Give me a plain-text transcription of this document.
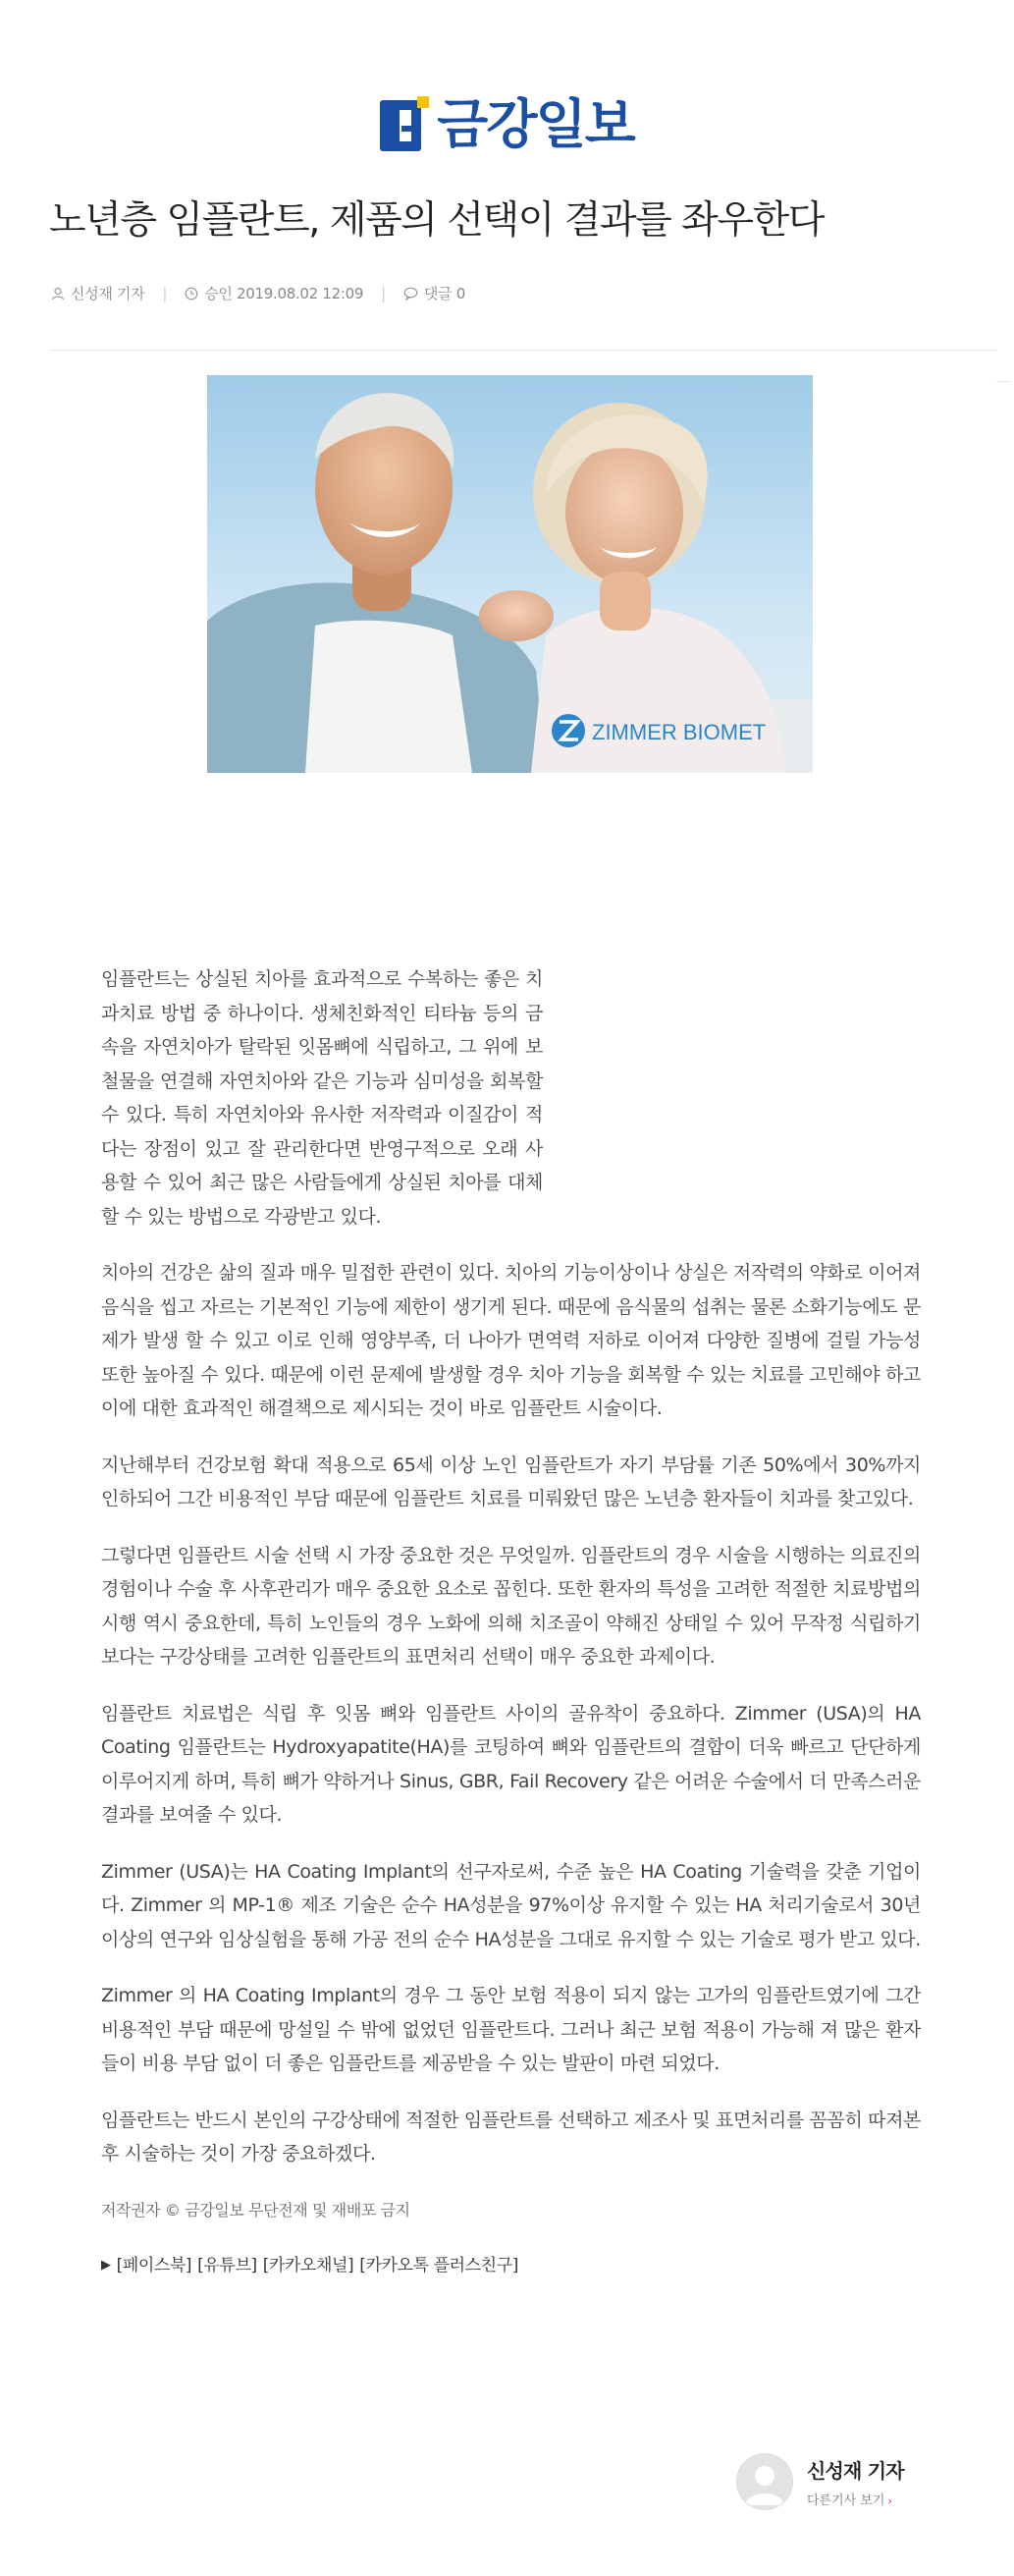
금강일보
노년층 임플란트, 제품의 선택이 결과를 좌우한다
신성재 기자 |	승인 2019.08.02 12:09 |	댓글 0
ZIMMER BIOMET

임플란트는 상실된 치아를 효과적으로 수복하는 좋은 치과치료 방법 중 하나이다. 생체친화적인 티타늄 등의 금속을 자연치아가 탈락된 잇몸뼈에 식립하고, 그 위에 보철물을 연결해 자연치아와 같은 기능과 심미성을 회복할 수 있다. 특히 자연치아와 유사한 저작력과 이질감이 적다는 장점이 있고 잘 관리한다면 반영구적으로 오래 사용할 수 있어 최근 많은 사람들에게 상실된 치아를 대체할 수 있는 방법으로 각광받고 있다.

치아의 건강은 삶의 질과 매우 밀접한 관련이 있다. 치아의 기능이상이나 상실은 저작력의 약화로 이어져 음식을 씹고 자르는 기본적인 기능에 제한이 생기게 된다. 때문에 음식물의 섭취는 물론 소화기능에도 문제가 발생 할 수 있고 이로 인해 영양부족, 더 나아가 면역력 저하로 이어져 다양한 질병에 걸릴 가능성 또한 높아질 수 있다. 때문에 이런 문제에 발생할 경우 치아 기능을 회복할 수 있는 치료를 고민해야 하고 이에 대한 효과적인 해결책으로 제시되는 것이 바로 임플란트 시술이다.

지난해부터 건강보험 확대 적용으로 65세 이상 노인 임플란트가 자기 부담률 기존 50%에서 30%까지 인하되어 그간 비용적인 부담 때문에 임플란트 치료를 미뤄왔던 많은 노년층 환자들이 치과를 찾고있다.

그렇다면 임플란트 시술 선택 시 가장 중요한 것은 무엇일까. 임플란트의 경우 시술을 시행하는 의료진의 경험이나 수술 후 사후관리가 매우 중요한 요소로 꼽힌다. 또한 환자의 특성을 고려한 적절한 치료방법의 시행 역시 중요한데, 특히 노인들의 경우 노화에 의해 치조골이 약해진 상태일 수 있어 무작정 식립하기 보다는 구강상태를 고려한 임플란트의 표면처리 선택이 매우 중요한 과제이다.

임플란트 치료법은 식립 후 잇몸 뼈와 임플란트 사이의 골유착이 중요하다. Zimmer (USA)의 HA Coating 임플란트는 Hydroxyapatite(HA)를 코팅하여 뼈와 임플란트의 결합이 더욱 빠르고 단단하게 이루어지게 하며, 특히 뼈가 약하거나 Sinus, GBR, Fail Recovery 같은 어려운 수술에서 더 만족스러운 결과를 보여줄 수 있다.

Zimmer (USA)는 HA Coating Implant의 선구자로써, 수준 높은 HA Coating 기술력을 갖춘 기업이다. Zimmer 의 MP-1® 제조 기술은 순수 HA성분을 97%이상 유지할 수 있는 HA 처리기술로서 30년 이상의 연구와 임상실험을 통해 가공 전의 순수 HA성분을 그대로 유지할 수 있는 기술로 평가 받고 있다.

Zimmer 의 HA Coating Implant의 경우 그 동안 보험 적용이 되지 않는 고가의 임플란트였기에 그간 비용적인 부담 때문에 망설일 수 밖에 없었던 임플란트다. 그러나 최근 보험 적용이 가능해 져 많은 환자들이 비용 부담 없이 더 좋은 임플란트를 제공받을 수 있는 발판이 마련 되었다.

임플란트는 반드시 본인의 구강상태에 적절한 임플란트를 선택하고 제조사 및 표면처리를 꼼꼼히 따져본 후 시술하는 것이 가장 중요하겠다.

저작권자 © 금강일보 무단전재 및 재배포 금지
▶ [페이스북] [유튜브] [카카오채널] [카카오톡 플러스친구]
신성재 기자
다른기사 보기 ›
